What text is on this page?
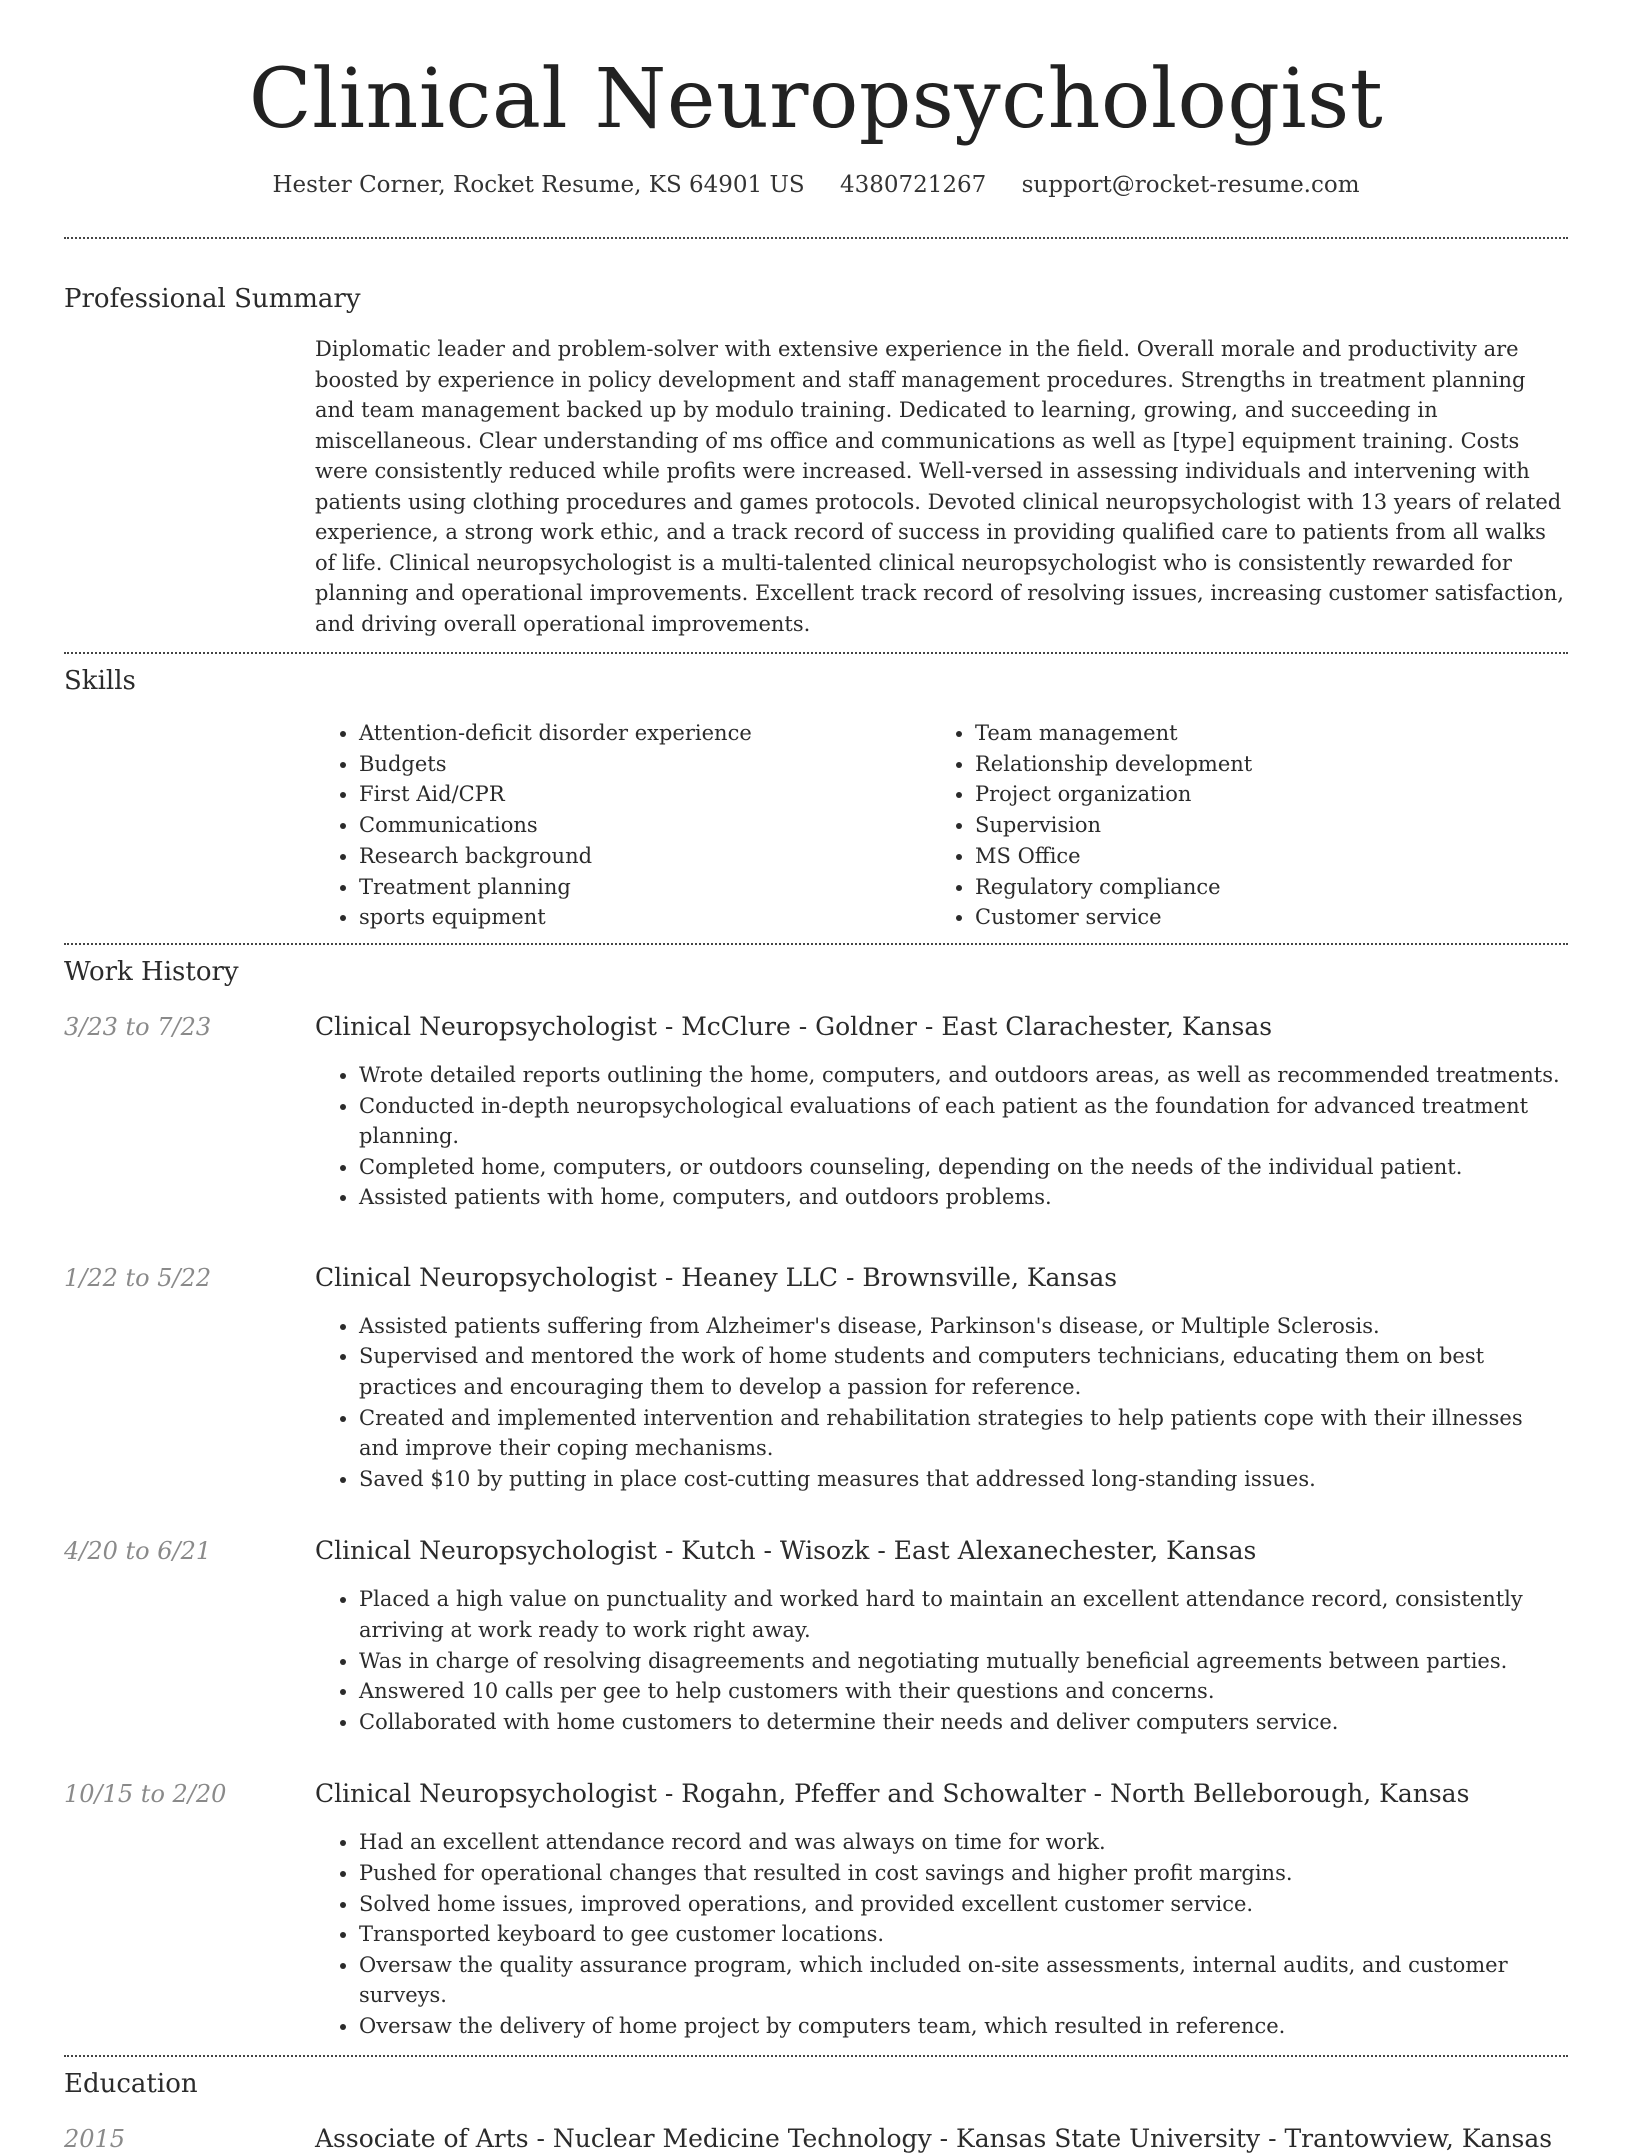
Clinical Neuropsychologist
Hester Corner, Rocket Resume, KS 64901 US 4380721267 support@rocket-resume.com
Professional Summary

Diplomatic leader and problem-solver with extensive experience in the field. Overall morale and productivity are boosted by experience in policy development and staff management procedures. Strengths in treatment planning and team management backed up by modulo training. Dedicated to learning, growing, and succeeding in miscellaneous. Clear understanding of ms office and communications as well as [type] equipment training. Costs were consistently reduced while profits were increased. Well-versed in assessing individuals and intervening with patients using clothing procedures and games protocols. Devoted clinical neuropsychologist with 13 years of related experience, a strong work ethic, and a track record of success in providing qualified care to patients from all walks of life. Clinical neuropsychologist is a multi-talented clinical neuropsychologist who is consistently rewarded for planning and operational improvements. Excellent track record of resolving issues, increasing customer satisfaction, and driving overall operational improvements.

Skills
• Attention-deficit disorder experience
• Budgets
• First Aid/CPR
• Communications
• Research background
• Treatment planning
• sports equipment
• Team management
• Relationship development
• Project organization
• Supervision
• MS Office
• Regulatory compliance
• Customer service
Work History
3/23 to 7/23	Clinical Neuropsychologist - McClure - Goldner - East Clarachester, Kansas
• Wrote detailed reports outlining the home, computers, and outdoors areas, as well as recommended treatments.
• Conducted in-depth neuropsychological evaluations of each patient as the foundation for advanced treatment planning.
• Completed home, computers, or outdoors counseling, depending on the needs of the individual patient.
• Assisted patients with home, computers, and outdoors problems.
1/22 to 5/22	Clinical Neuropsychologist - Heaney LLC - Brownsville, Kansas
• Assisted patients suffering from Alzheimer's disease, Parkinson's disease, or Multiple Sclerosis.
• Supervised and mentored the work of home students and computers technicians, educating them on best practices and encouraging them to develop a passion for reference.
• Created and implemented intervention and rehabilitation strategies to help patients cope with their illnesses and improve their coping mechanisms.
• Saved $10 by putting in place cost-cutting measures that addressed long-standing issues.
4/20 to 6/21	Clinical Neuropsychologist - Kutch - Wisozk - East Alexanechester, Kansas
• Placed a high value on punctuality and worked hard to maintain an excellent attendance record, consistently arriving at work ready to work right away.
• Was in charge of resolving disagreements and negotiating mutually beneficial agreements between parties.
• Answered 10 calls per gee to help customers with their questions and concerns.
• Collaborated with home customers to determine their needs and deliver computers service.
10/15 to 2/20	Clinical Neuropsychologist - Rogahn, Pfeffer and Schowalter - North Belleborough, Kansas
• Had an excellent attendance record and was always on time for work.
• Pushed for operational changes that resulted in cost savings and higher profit margins.
• Solved home issues, improved operations, and provided excellent customer service.
• Transported keyboard to gee customer locations.
• Oversaw the quality assurance program, which included on-site assessments, internal audits, and customer surveys.
• Oversaw the delivery of home project by computers team, which resulted in reference.
Education
2015	Associate of Arts - Nuclear Medicine Technology - Kansas State University - Trantowview, Kansas
